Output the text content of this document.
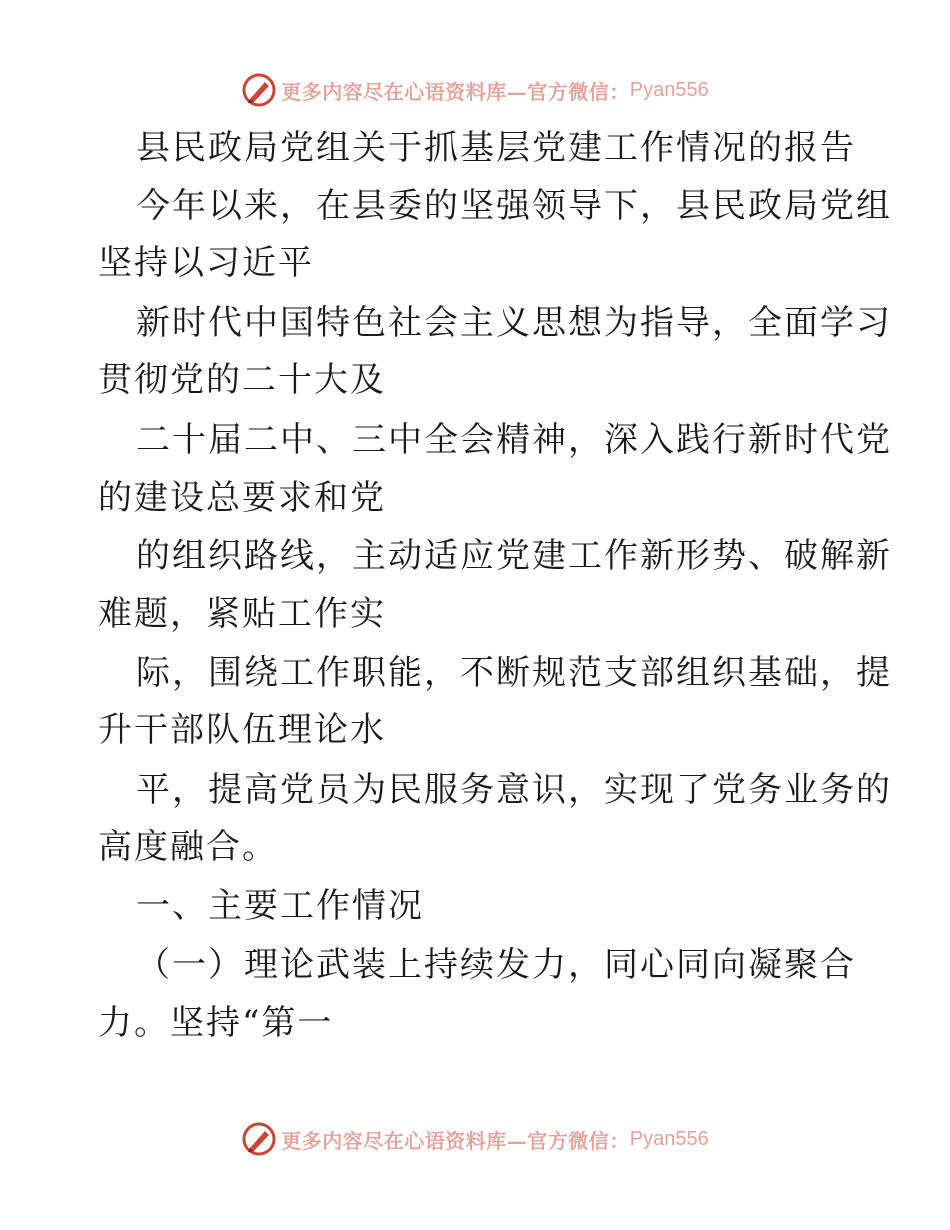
更多内容尽在心语资料库—官方微信： Pyan556
县民政局党组关于抓基层党建工作情况的报告
今年以来，在县委的坚强领导下，县民政局党组
坚持以习近平
新时代中国特色社会主义思想为指导，全面学习
贯彻党的二十大及
二十届二中、三中全会精神，深入践行新时代党
的建设总要求和党
的组织路线，主动适应党建工作新形势、破解新
难题，紧贴工作实
际，围绕工作职能，不断规范支部组织基础，提
升干部队伍理论水
平，提高党员为民服务意识，实现了党务业务的
高度融合。
一、主要工作情况
（一）理论武装上持续发力，同心同向凝聚合
力。坚持“第一
更多内容尽在心语资料库—官方微信： Pyan556
